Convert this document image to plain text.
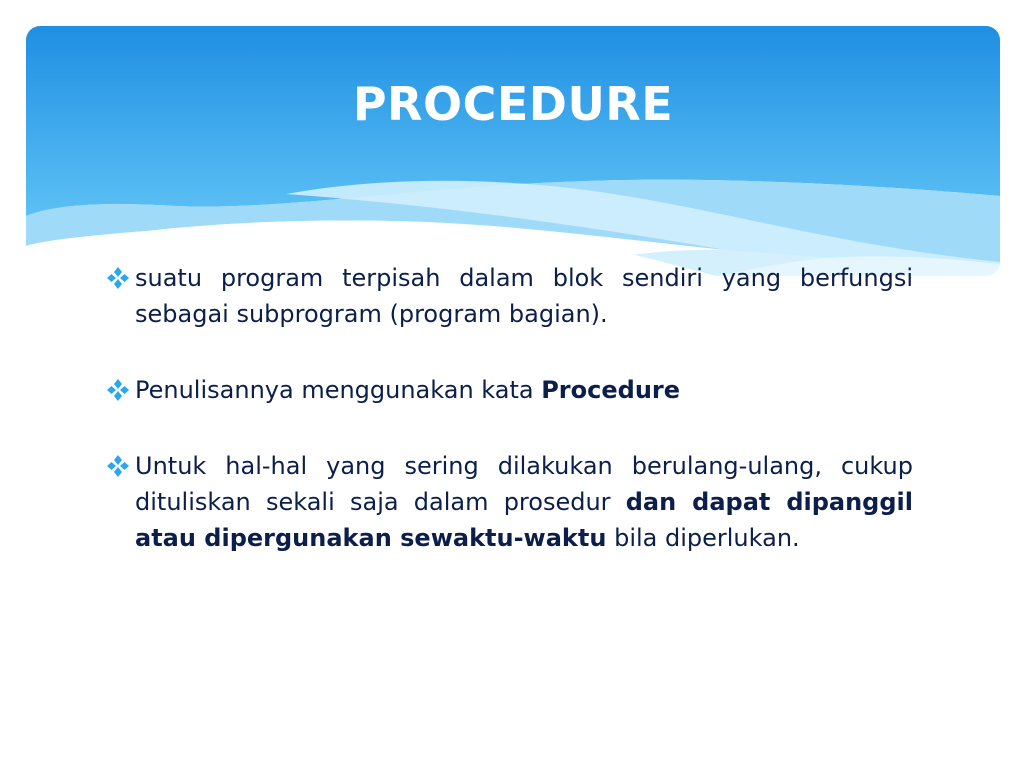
PROCEDURE
suatu program terpisah dalam blok sendiri yang berfungsi sebagai subprogram (program bagian).
Penulisannya menggunakan kata Procedure
Untuk hal-hal yang sering dilakukan berulang-ulang, cukup dituliskan sekali saja dalam prosedur dan dapat dipanggil atau dipergunakan sewaktu-waktu bila diperlukan.
